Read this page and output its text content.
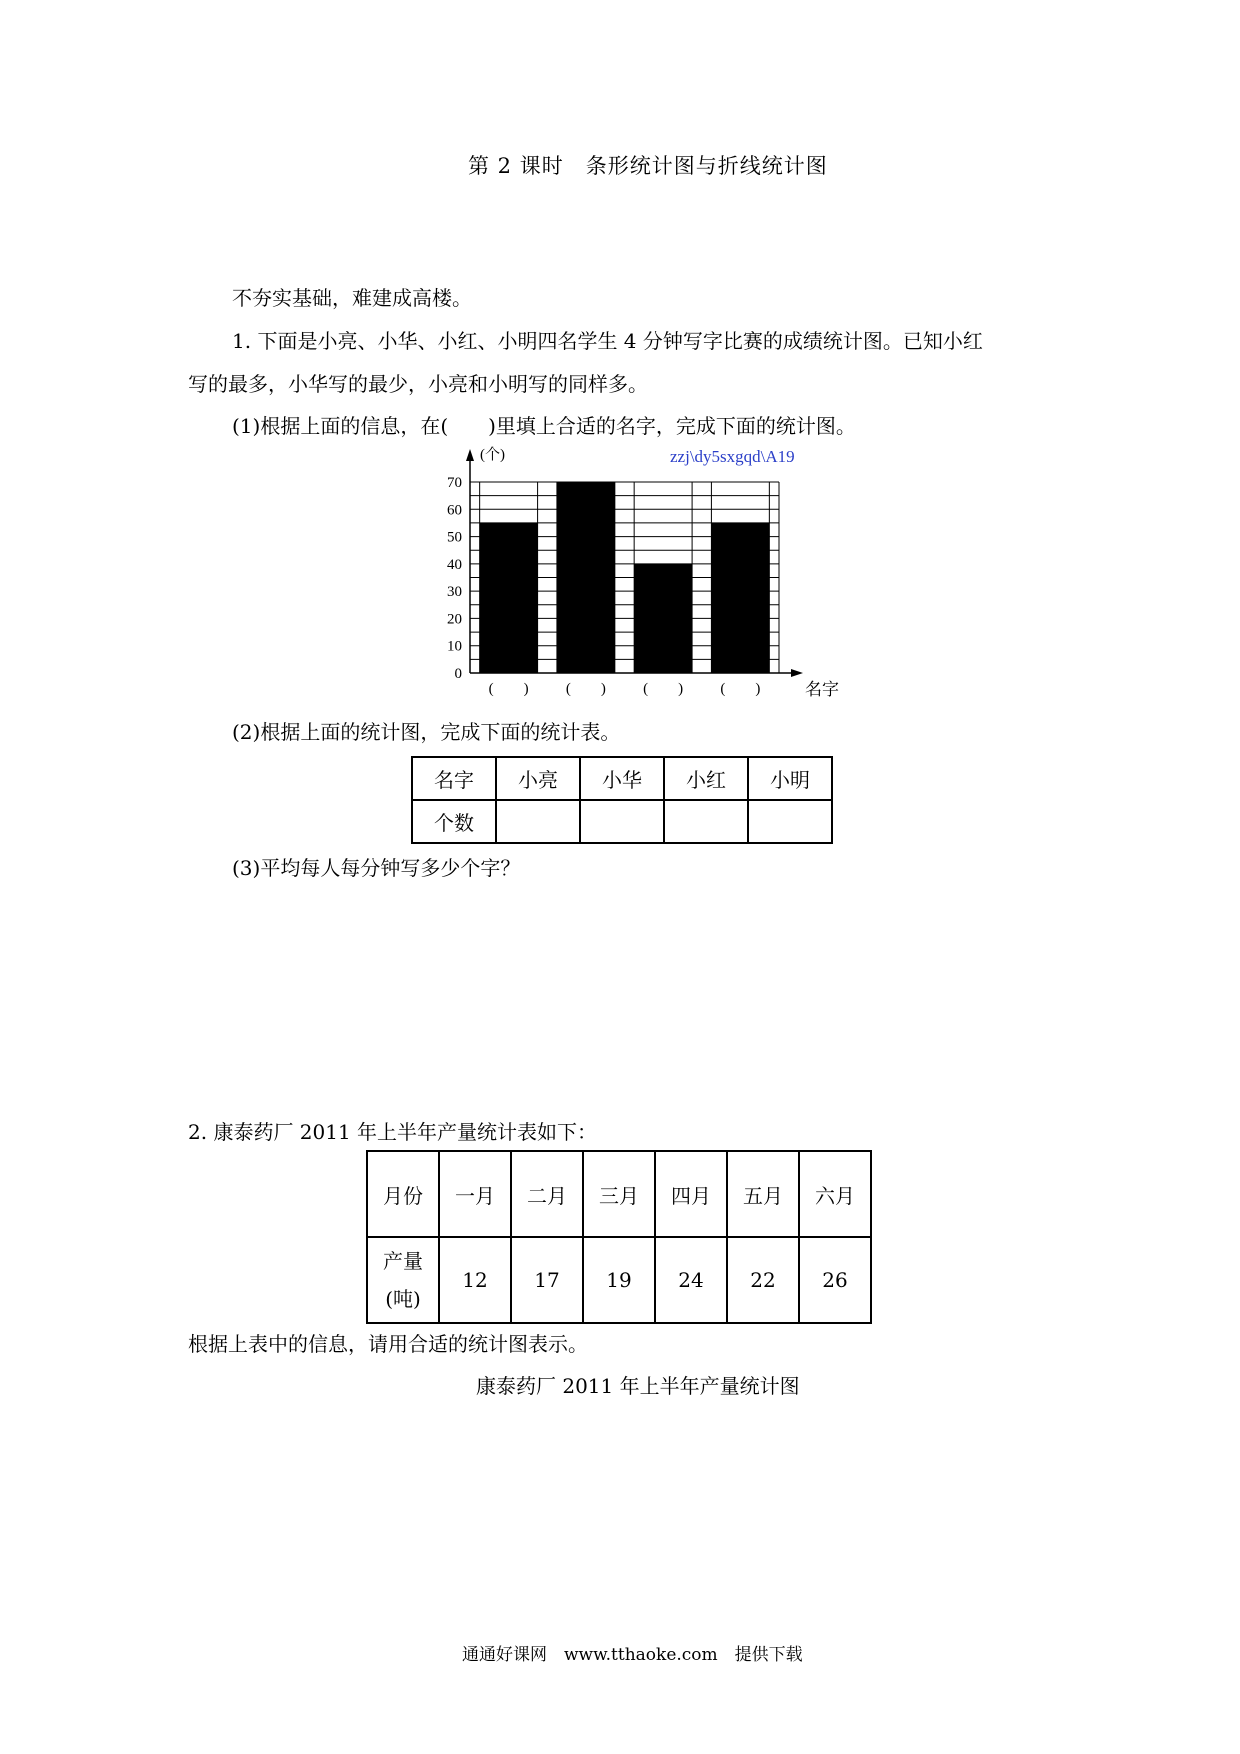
第 2 课时　条形统计图与折线统计图
不夯实基础，难建成高楼。
1. 下面是小亮、小华、小红、小明四名学生 4 分钟写字比赛的成绩统计图。已知小红
写的最多，小华写的最少，小亮和小明写的同样多。
(1)根据上面的信息，在(　　)里填上合适的名字，完成下面的统计图。
0
10
20
30
40
50
60
70
(　　) (　　) (　　) (　　)
(个)
名字
zzj\dy5sxgqd\A19
(2)根据上面的统计图，完成下面的统计表。
名字	小亮	小华	小红	小明
个数				
(3)平均每人每分钟写多少个字？
2. 康泰药厂 2011 年上半年产量统计表如下：
月份	一月	二月	三月	四月	五月	六月
产量
(吨)	12	17	19	24	22	26
根据上表中的信息，请用合适的统计图表示。
康泰药厂 2011 年上半年产量统计图
通通好课网　www.tthaoke.com　提供下载
